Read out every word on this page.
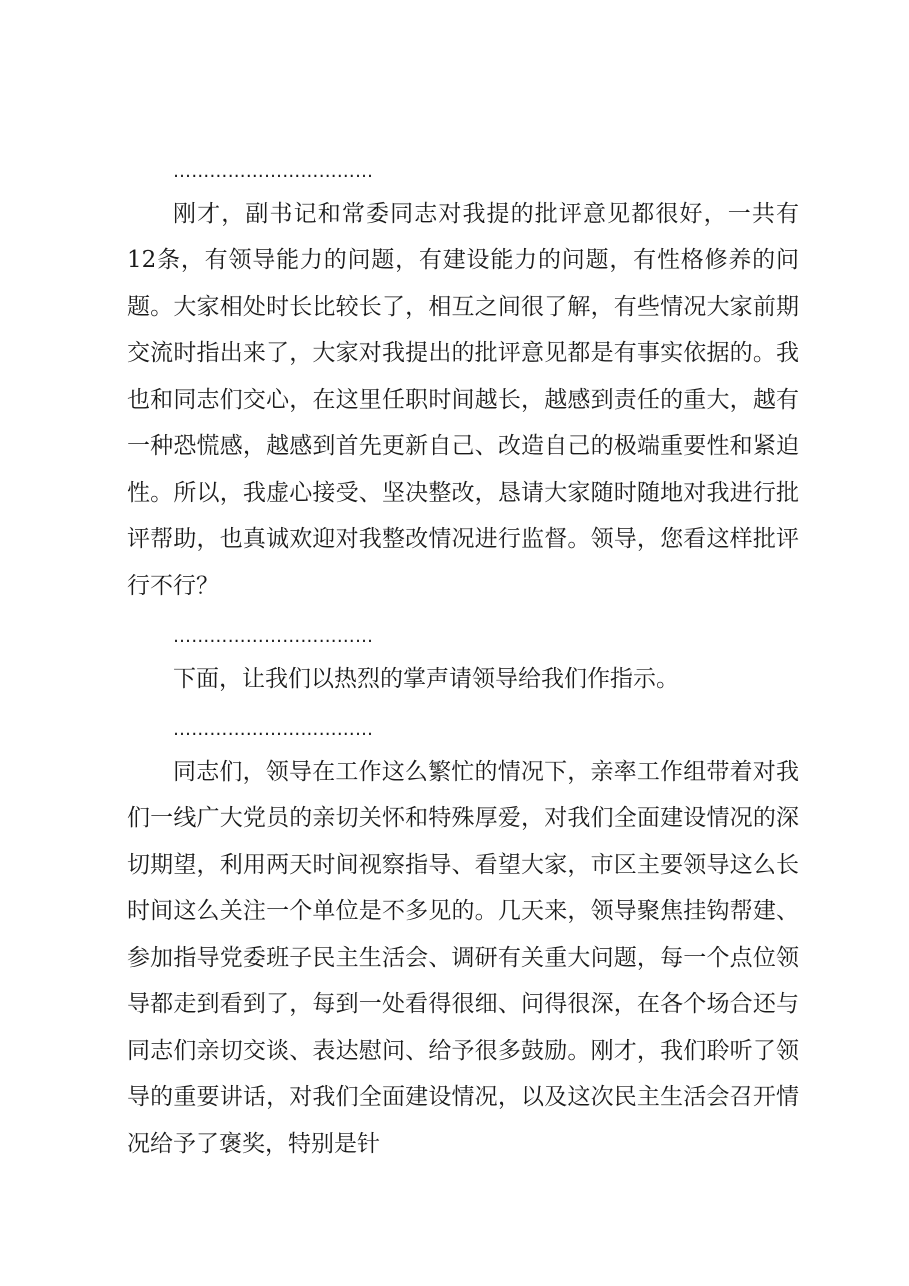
……………………………

刚才，副书记和常委同志对我提的批评意见都很好，一共有12条，有领导能力的问题，有建设能力的问题，有性格修养的问题。大家相处时长比较长了，相互之间很了解，有些情况大家前期交流时指出来了，大家对我提出的批评意见都是有事实依据的。我也和同志们交心，在这里任职时间越长，越感到责任的重大，越有一种恐慌感，越感到首先更新自己、改造自己的极端重要性和紧迫性。所以，我虚心接受、坚决整改，恳请大家随时随地对我进行批评帮助，也真诚欢迎对我整改情况进行监督。领导，您看这样批评行不行？

……………………………

下面，让我们以热烈的掌声请领导给我们作指示。

……………………………

同志们，领导在工作这么繁忙的情况下，亲率工作组带着对我们一线广大党员的亲切关怀和特殊厚爱，对我们全面建设情况的深切期望，利用两天时间视察指导、看望大家，市区主要领导这么长时间这么关注一个单位是不多见的。几天来，领导聚焦挂钩帮建、参加指导党委班子民主生活会、调研有关重大问题，每一个点位领导都走到看到了，每到一处看得很细、问得很深，在各个场合还与同志们亲切交谈、表达慰问、给予很多鼓励。刚才，我们聆听了领导的重要讲话，对我们全面建设情况，以及这次民主生活会召开情况给予了褒奖，特别是针
